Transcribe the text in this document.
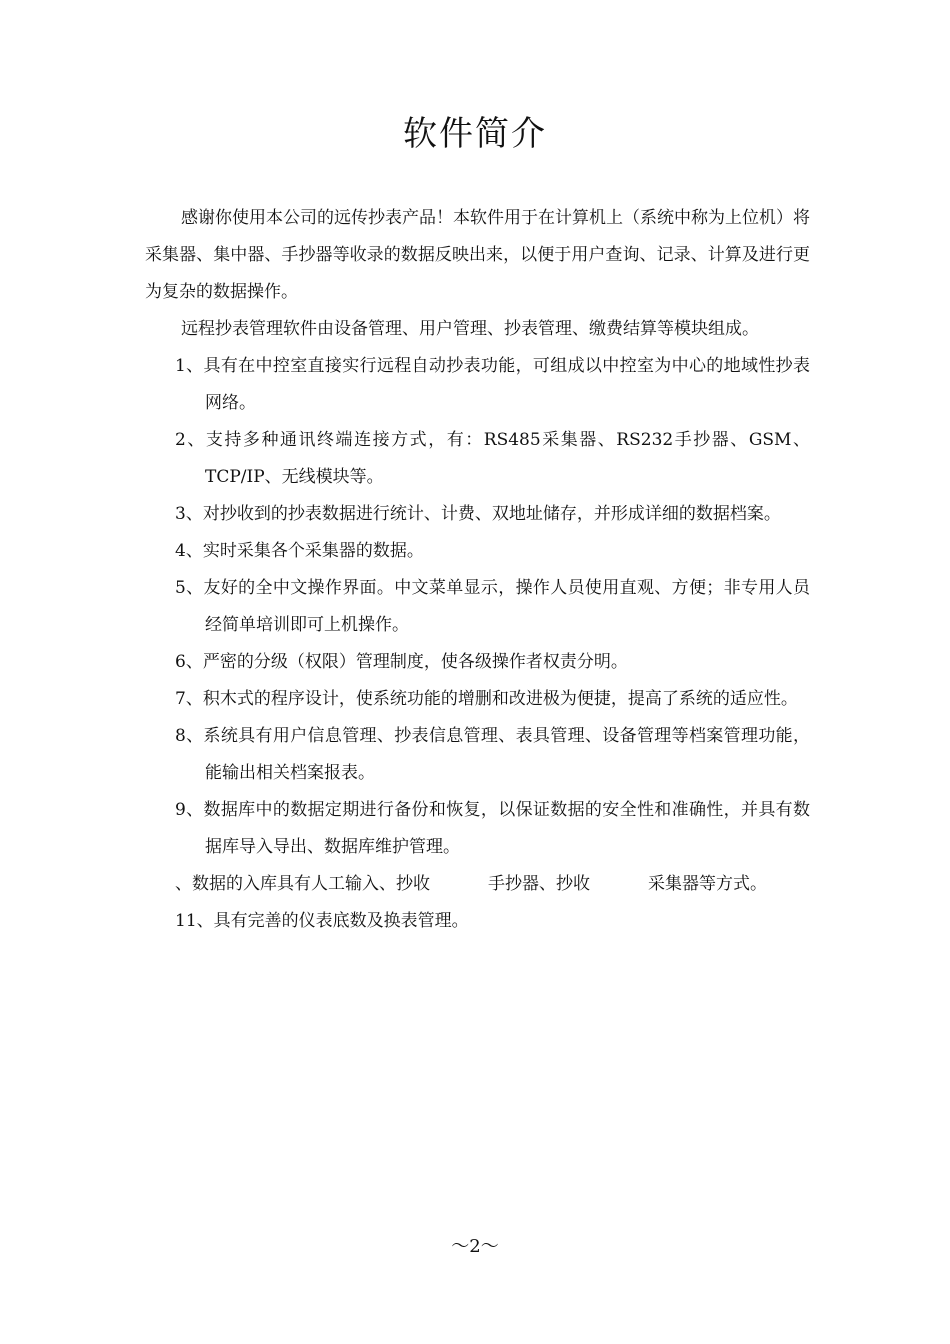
软件简介

感谢你使用本公司的远传抄表产品！本软件用于在计算机上（系统中称为上位机）将采集器、集中器、手抄器等收录的数据反映出来，以便于用户查询、记录、计算及进行更为复杂的数据操作。

远程抄表管理软件由设备管理、用户管理、抄表管理、缴费结算等模块组成。

1、具有在中控室直接实行远程自动抄表功能，可组成以中控室为中心的地域性抄表网络。
2、支持多种通讯终端连接方式，有：RS485采集器、RS232手抄器、GSM、TCP/IP、无线模块等。
3、对抄收到的抄表数据进行统计、计费、双地址储存，并形成详细的数据档案。
4、实时采集各个采集器的数据。
5、友好的全中文操作界面。中文菜单显示，操作人员使用直观、方便；非专用人员经简单培训即可上机操作。
6、严密的分级（权限）管理制度，使各级操作者权责分明。
7、积木式的程序设计，使系统功能的增删和改进极为便捷，提高了系统的适应性。
8、系统具有用户信息管理、抄表信息管理、表具管理、设备管理等档案管理功能，能输出相关档案报表。
9、数据库中的数据定期进行备份和恢复，以保证数据的安全性和准确性，并具有数据库导入导出、数据库维护管理。
、数据的入库具有人工输入、抄收	手抄器、抄收	采集器等方式。
11、具有完善的仪表底数及换表管理。
～2～
